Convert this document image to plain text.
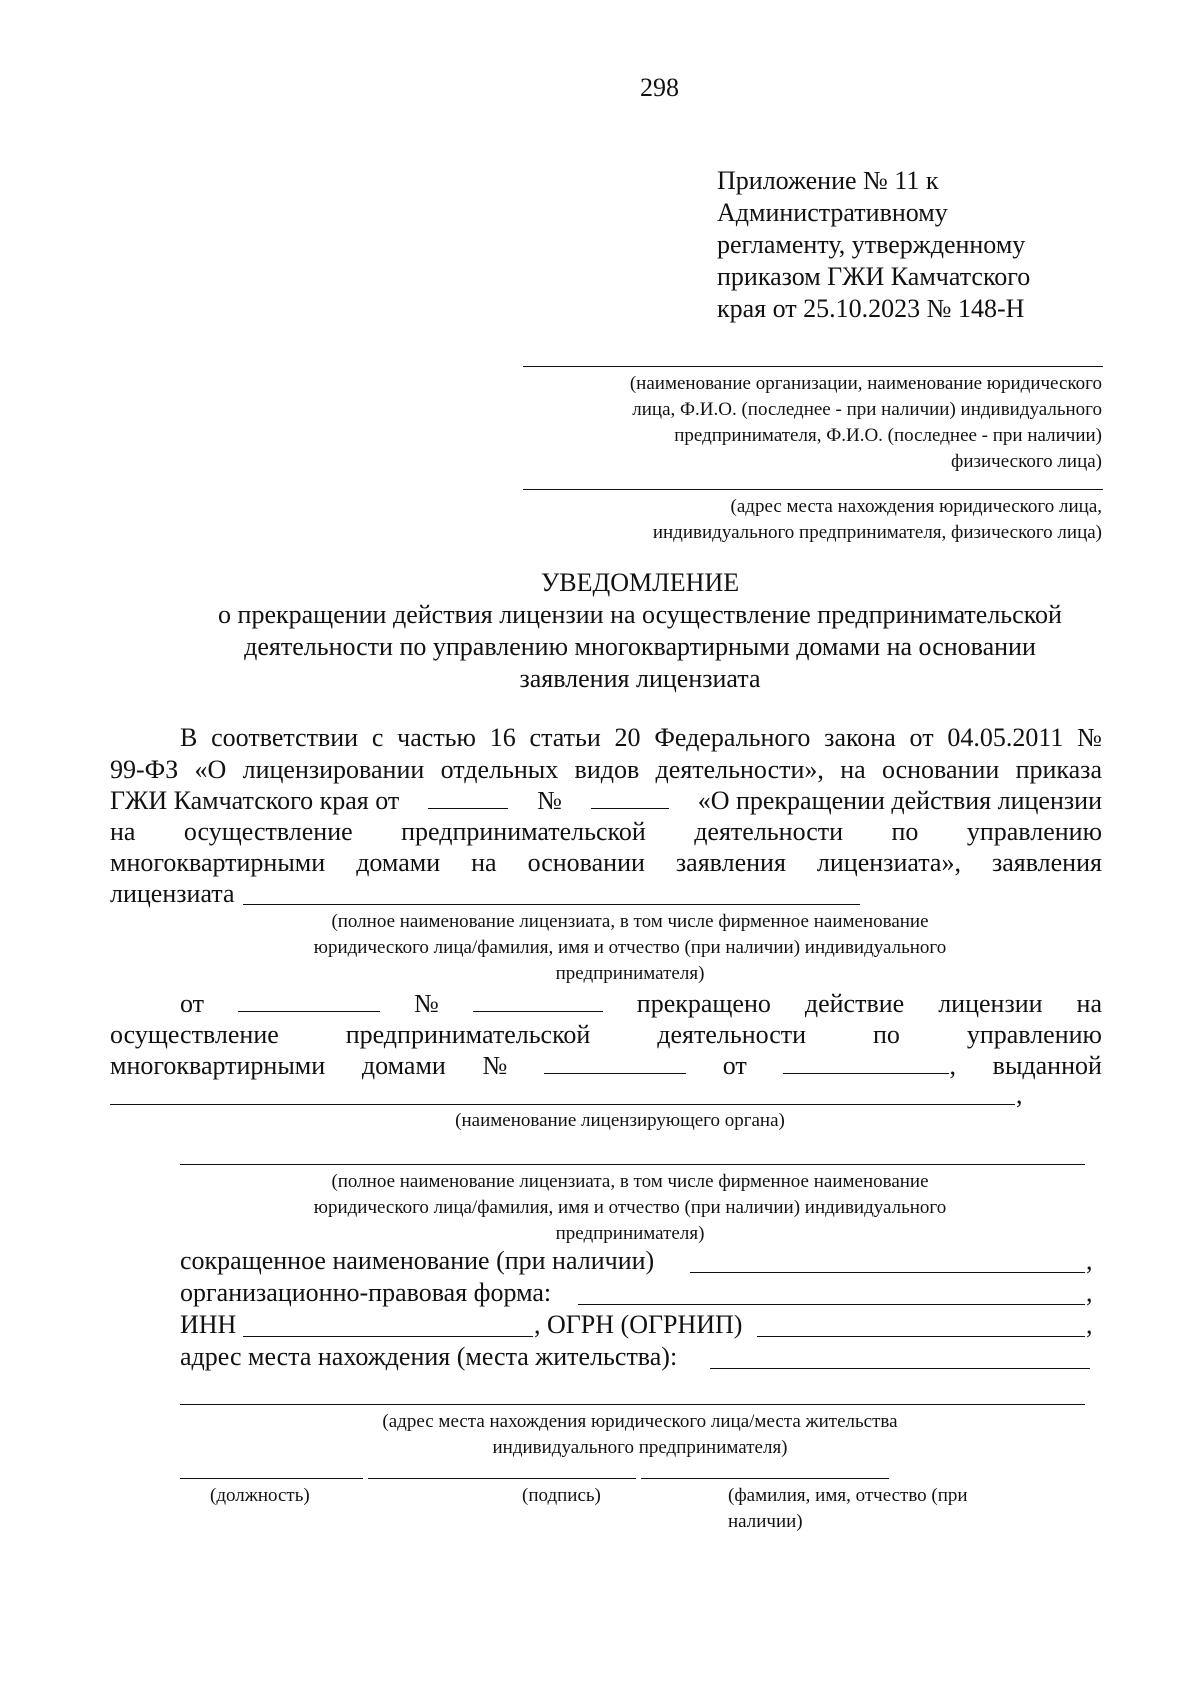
298
Приложение № 11 к
Административному
регламенту, утвержденному
приказом ГЖИ Камчатского
края от 25.10.2023 № 148-Н
(наименование организации, наименование юридического
лица, Ф.И.О. (последнее - при наличии) индивидуального
предпринимателя, Ф.И.О. (последнее - при наличии)
физического лица)
(адрес места нахождения юридического лица,
индивидуального предпринимателя, физического лица)
УВЕДОМЛЕНИЕ
о прекращении действия лицензии на осуществление предпринимательской
деятельности по управлению многоквартирными домами на основании
заявления лицензиата
В соответствии с частью 16 статьи 20 Федерального закона от 04.05.2011 №
99-ФЗ «О лицензировании отдельных видов деятельности», на основании приказа
ГЖИ Камчатского края от	№	«О прекращении действия лицензии
на осуществление предпринимательской деятельности по управлению
многоквартирными домами на основании заявления лицензиата», заявления
лицензиата
(полное наименование лицензиата, в том числе фирменное наименование
юридического лица/фамилия, имя и отчество (при наличии) индивидуального
предпринимателя)
от	№	прекращено действие лицензии на
осуществление	предпринимательской	деятельности	по	управлению
многоквартирными домами №	от	, выданной
,
(наименование лицензирующего органа)
(полное наименование лицензиата, в том числе фирменное наименование
юридического лица/фамилия, имя и отчество (при наличии) индивидуального
предпринимателя)
сокращенное наименование (при наличии)	,
организационно-правовая форма:	,
ИНН	, ОГРН (ОГРНИП)	,
адрес места нахождения (места жительства):
(адрес места нахождения юридического лица/места жительства
индивидуального предпринимателя)
(должность)	(подпись)	(фамилия, имя, отчество (при
наличии)
